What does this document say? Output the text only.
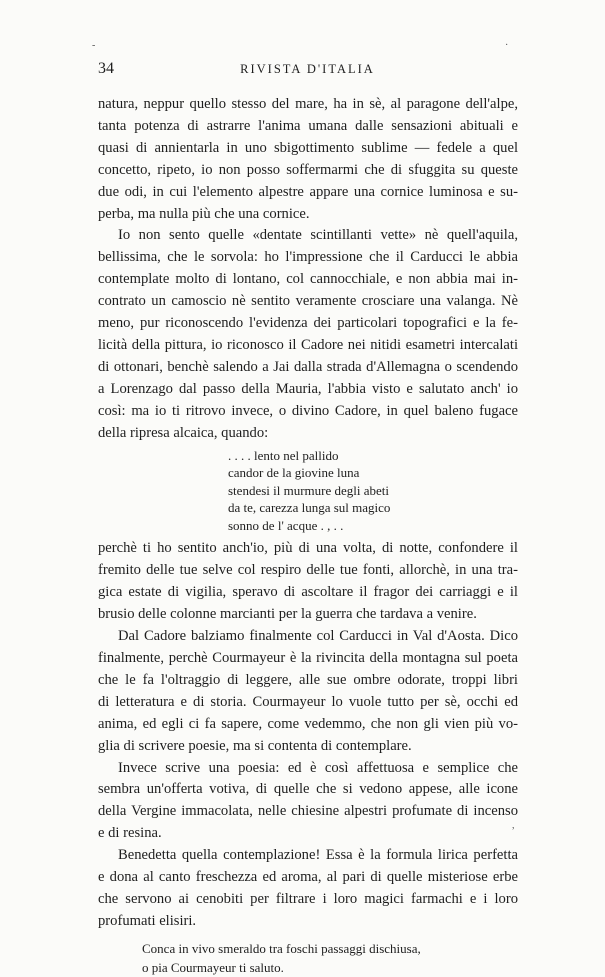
-	·
,
34	RIVISTA D'ITALIA
natura, neppur quello stesso del mare, ha in sè, al paragone dell'alpe,
tanta potenza di astrarre l'anima umana dalle sensazioni abituali e
quasi di annientarla in uno sbigottimento sublime — fedele a quel
concetto, ripeto, io non posso soffermarmi che di sfuggita su queste
due odi, in cui l'elemento alpestre appare una cornice luminosa e su-
perba, ma nulla più che una cornice.
Io non sento quelle «dentate scintillanti vette» nè quell'aquila,
bellissima, che le sorvola: ho l'impressione che il Carducci le abbia
contemplate molto di lontano, col cannocchiale, e non abbia mai in-
contrato un camoscio nè sentito veramente crosciare una valanga. Nè
meno, pur riconoscendo l'evidenza dei particolari topografici e la fe-
licità della pittura, io riconosco il Cadore nei nitidi esametri intercalati
di ottonari, benchè salendo a Jai dalla strada d'Allemagna o scendendo
a Lorenzago dal passo della Mauria, l'abbia visto e salutato anch' io
così: ma io ti ritrovo invece, o divino Cadore, in quel baleno fugace
della ripresa alcaica, quando:
. . . . lento nel pallido
candor de la giovine luna
stendesi il murmure degli abeti
da te, carezza lunga sul magico
sonno de l' acque . , . .
perchè ti ho sentito anch'io, più di una volta, di notte, confondere il
fremito delle tue selve col respiro delle tue fonti, allorchè, in una tra-
gica estate di vigilia, speravo di ascoltare il fragor dei carriaggi e il
brusio delle colonne marcianti per la guerra che tardava a venire.
Dal Cadore balziamo finalmente col Carducci in Val d'Aosta. Dico
finalmente, perchè Courmayeur è la rivincita della montagna sul poeta
che le fa l'oltraggio di leggere, alle sue ombre odorate, troppi libri
di letteratura e di storia. Courmayeur lo vuole tutto per sè, occhi ed
anima, ed egli ci fa sapere, come vedemmo, che non gli vien più vo-
glia di scrivere poesie, ma si contenta di contemplare.
Invece scrive una poesia: ed è così affettuosa e semplice che
sembra un'offerta votiva, di quelle che si vedono appese, alle icone
della Vergine immacolata, nelle chiesine alpestri profumate di incenso
e di resina.
Benedetta quella contemplazione! Essa è la formula lirica perfetta
e dona al canto freschezza ed aroma, al pari di quelle misteriose erbe
che servono ai cenobiti per filtrare i loro magici farmachi e i loro
profumati elisiri.
Conca in vivo smeraldo tra foschi passaggi dischiusa,
o pia Courmayeur ti saluto.
